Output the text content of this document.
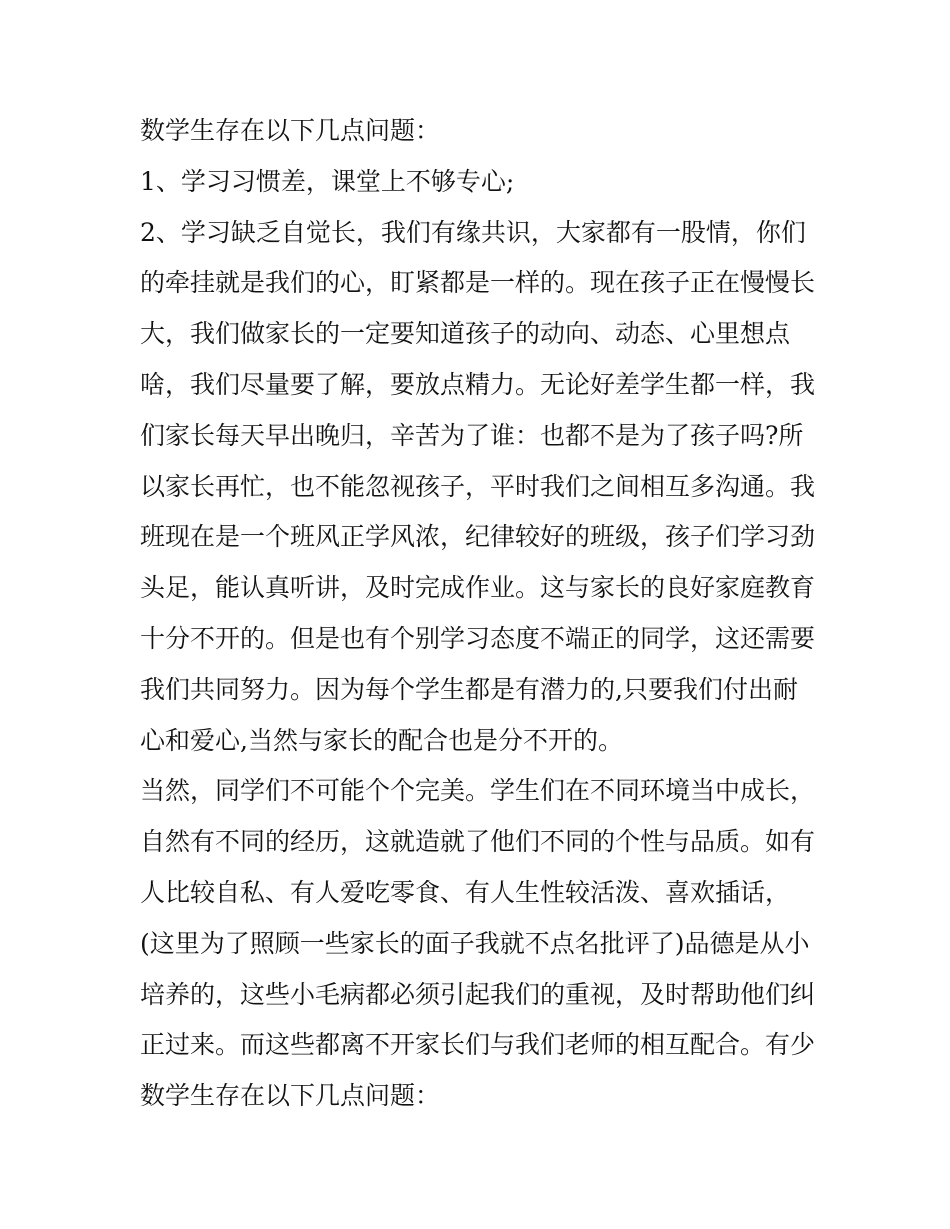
数学生存在以下几点问题：
1、学习习惯差，课堂上不够专心;
2、学习缺乏自觉长，我们有缘共识，大家都有一股情，你们
的牵挂就是我们的心，盯紧都是一样的。现在孩子正在慢慢长
大，我们做家长的一定要知道孩子的动向、动态、心里想点
啥，我们尽量要了解，要放点精力。无论好差学生都一样，我
们家长每天早出晚归，辛苦为了谁：也都不是为了孩子吗?所
以家长再忙，也不能忽视孩子，平时我们之间相互多沟通。我
班现在是一个班风正学风浓，纪律较好的班级，孩子们学习劲
头足，能认真听讲，及时完成作业。这与家长的良好家庭教育
十分不开的。但是也有个别学习态度不端正的同学，这还需要
我们共同努力。因为每个学生都是有潜力的,只要我们付出耐
心和爱心,当然与家长的配合也是分不开的。
当然，同学们不可能个个完美。学生们在不同环境当中成长，
自然有不同的经历，这就造就了他们不同的个性与品质。如有
人比较自私、有人爱吃零食、有人生性较活泼、喜欢插话，
(这里为了照顾一些家长的面子我就不点名批评了)品德是从小
培养的，这些小毛病都必须引起我们的重视，及时帮助他们纠
正过来。而这些都离不开家长们与我们老师的相互配合。有少
数学生存在以下几点问题：
